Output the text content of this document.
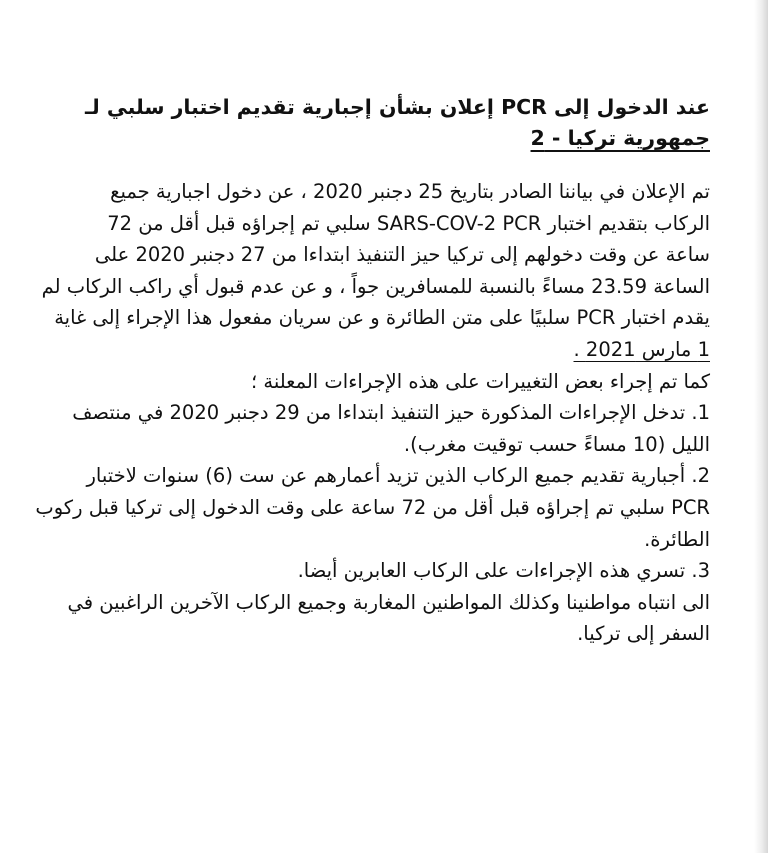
عند الدخول إلى PCR إعلان بشأن إجبارية تقديم اختبار سلبي لـ
جمهورية تركيا - 2
تم الإعلان في بياننا الصادر بتاريخ 25 دجنبر 2020 ، عن دخول اجبارية جميع
الركاب بتقديم اختبار SARS-COV-2 PCR سلبي تم إجراؤه قبل أقل من 72
ساعة عن وقت دخولهم إلى تركيا حيز التنفيذ ابتداءا من 27 دجنبر 2020 على
الساعة 23.59 مساءً بالنسبة للمسافرين جواً ، و عن عدم قبول أي راكب الركاب لم
يقدم اختبار PCR سلبيًا على متن الطائرة و عن سريان مفعول هذا الإجراء إلى غاية
1 مارس 2021 .
كما تم إجراء بعض التغييرات على هذه الإجراءات المعلنة ؛
1. تدخل الإجراءات المذكورة حيز التنفيذ ابتداءا من 29 دجنبر 2020 في منتصف
الليل (10 مساءً حسب توقيت مغرب).
2. أجبارية تقديم جميع الركاب الذين تزيد أعمارهم عن ست (6) سنوات لاختبار
PCR سلبي تم إجراؤه قبل أقل من 72 ساعة على وقت الدخول إلى تركيا قبل ركوب
الطائرة.
3. تسري هذه الإجراءات على الركاب العابرين أيضا.
الى انتباه مواطنينا وكذلك المواطنين المغاربة وجميع الركاب الآخرين الراغبين في
السفر إلى تركيا.
